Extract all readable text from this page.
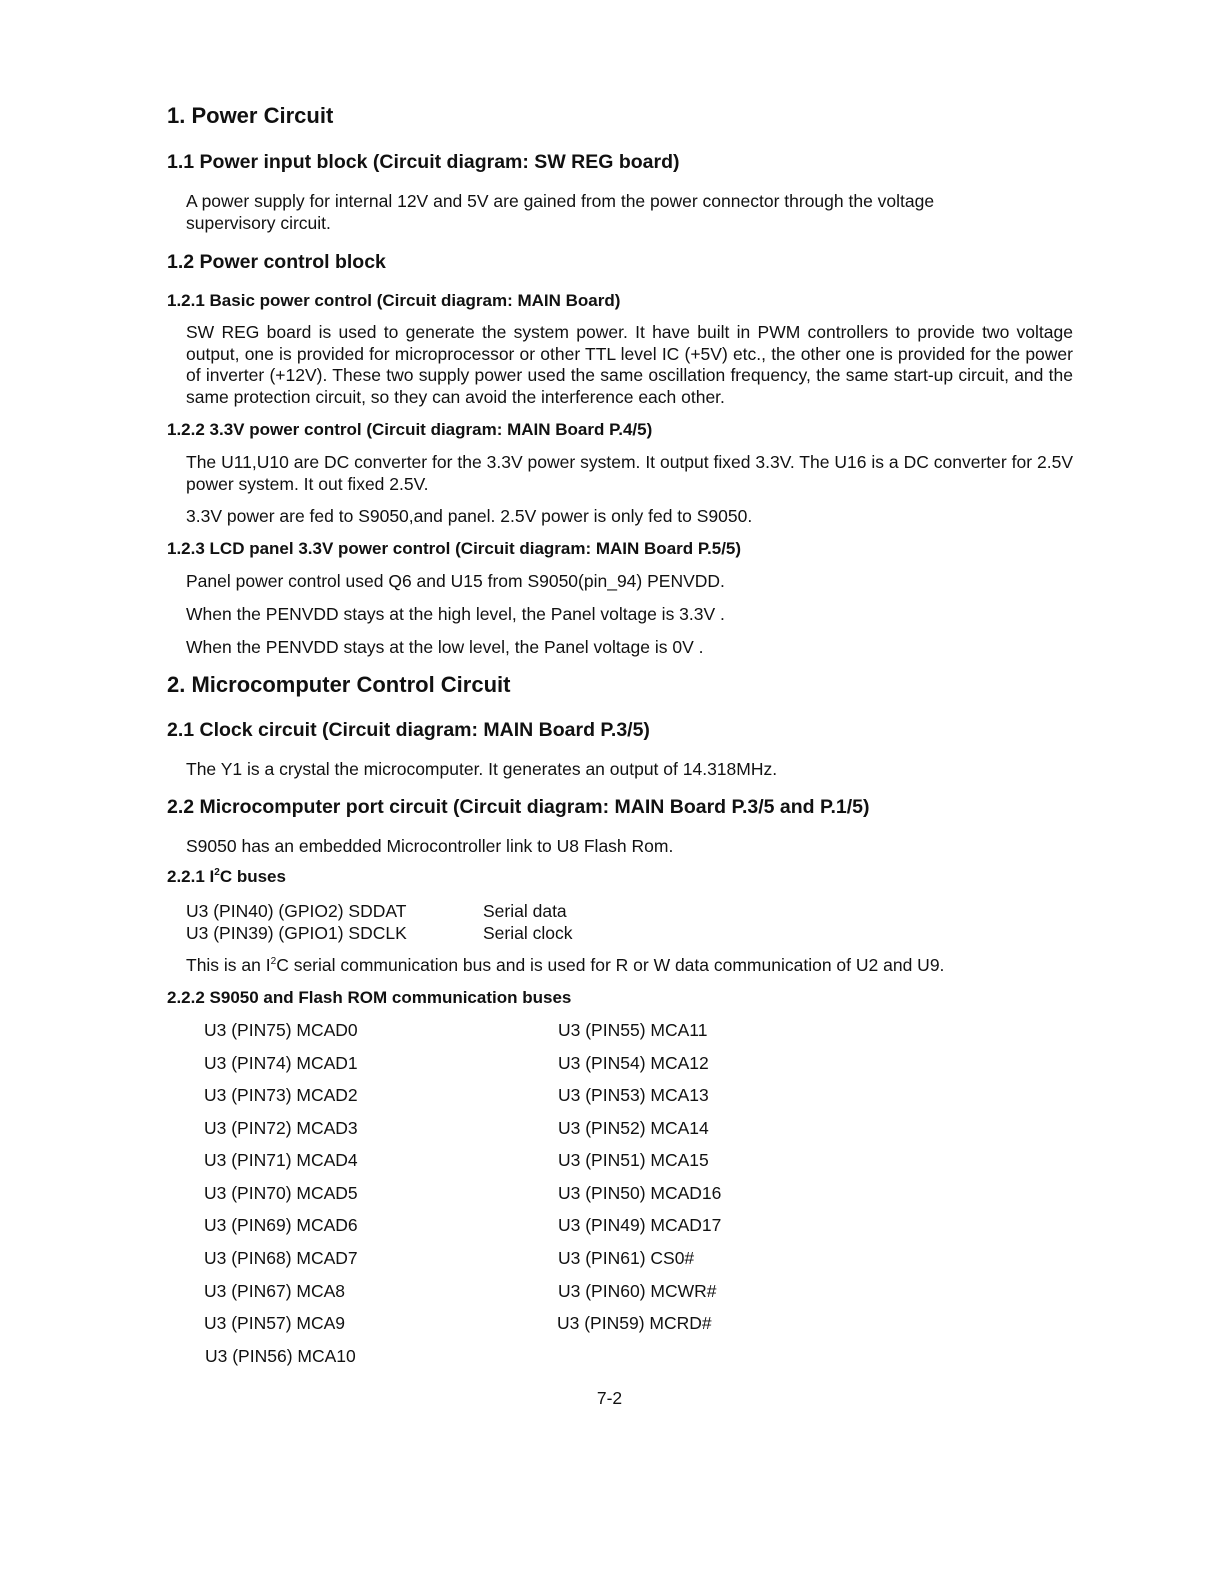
1. Power Circuit
1.1 Power input block (Circuit diagram: SW REG board)
A power supply for internal 12V and 5V are gained from the power connector through the voltage
supervisory circuit.
1.2 Power control block
1.2.1 Basic power control (Circuit diagram: MAIN Board)
SW REG board is used to generate the system power. It have built in PWM controllers to provide two voltage output, one is provided for microprocessor or other TTL level IC (+5V) etc., the other one is provided for the power of inverter (+12V). These two supply power used the same oscillation frequency, the same start-up circuit, and the same protection circuit, so they can avoid the interference each other.
1.2.2 3.3V power control (Circuit diagram: MAIN Board P.4/5)
The U11,U10 are DC converter for the 3.3V power system. It output fixed 3.3V. The U16 is a DC converter for 2.5V power system. It out fixed 2.5V.
3.3V power are fed to S9050,and panel. 2.5V power is only fed to S9050.
1.2.3 LCD panel 3.3V power control (Circuit diagram: MAIN Board P.5/5)
Panel power control used Q6 and U15 from S9050(pin_94) PENVDD.
When the PENVDD stays at the high level, the Panel voltage is 3.3V .
When the PENVDD stays at the low level, the Panel voltage is 0V .
2. Microcomputer Control Circuit
2.1 Clock circuit (Circuit diagram: MAIN Board P.3/5)
The Y1 is a crystal the microcomputer. It generates an output of 14.318MHz.
2.2 Microcomputer port circuit (Circuit diagram: MAIN Board P.3/5 and P.1/5)
S9050 has an embedded Microcontroller link to U8 Flash Rom.
2.2.1 $I^2C$ buses
U3 (PIN40) (GPIO2) SDDAT	Serial data
U3 (PIN39) (GPIO1) SDCLK	Serial clock
This is an $I^2C$ serial communication bus and is used for R or W data communication of U2 and U9.
2.2.2 S9050 and Flash ROM communication buses
U3 (PIN75) MCAD0
U3 (PIN74) MCAD1
U3 (PIN73) MCAD2
U3 (PIN72) MCAD3
U3 (PIN71) MCAD4
U3 (PIN70) MCAD5
U3 (PIN69) MCAD6
U3 (PIN68) MCAD7
U3 (PIN67) MCA8
U3 (PIN57) MCA9
U3 (PIN56) MCA10
U3 (PIN55) MCA11
U3 (PIN54) MCA12
U3 (PIN53) MCA13
U3 (PIN52) MCA14
U3 (PIN51) MCA15
U3 (PIN50) MCAD16
U3 (PIN49) MCAD17
U3 (PIN61) CS0#
U3 (PIN60) MCWR#
U3 (PIN59) MCRD#
7-2
